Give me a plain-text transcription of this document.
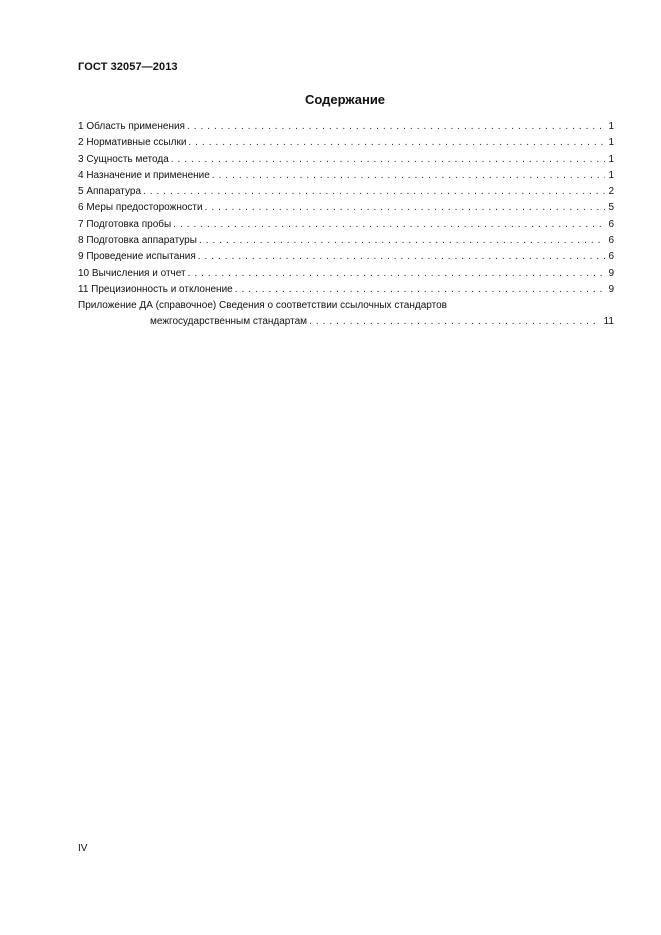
ГОСТ 32057—2013
Содержание
1 Область применения . . .	1
2 Нормативные ссылки . . .	1
3 Сущность метода . . .	1
4 Назначение и применение . . .	1
5 Аппаратура . . .	2
6 Меры предосторожности . . .	5
7 Подготовка пробы . . .	6
8 Подготовка аппаратуры . . .	6
9 Проведение испытания . . .	6
10 Вычисления и отчет . . .	9
11 Прецизионность и отклонение . . .	9
Приложение ДА (справочное) Сведения о соответствии ссылочных стандартов
межгосударственным стандартам . . .	11
IV
